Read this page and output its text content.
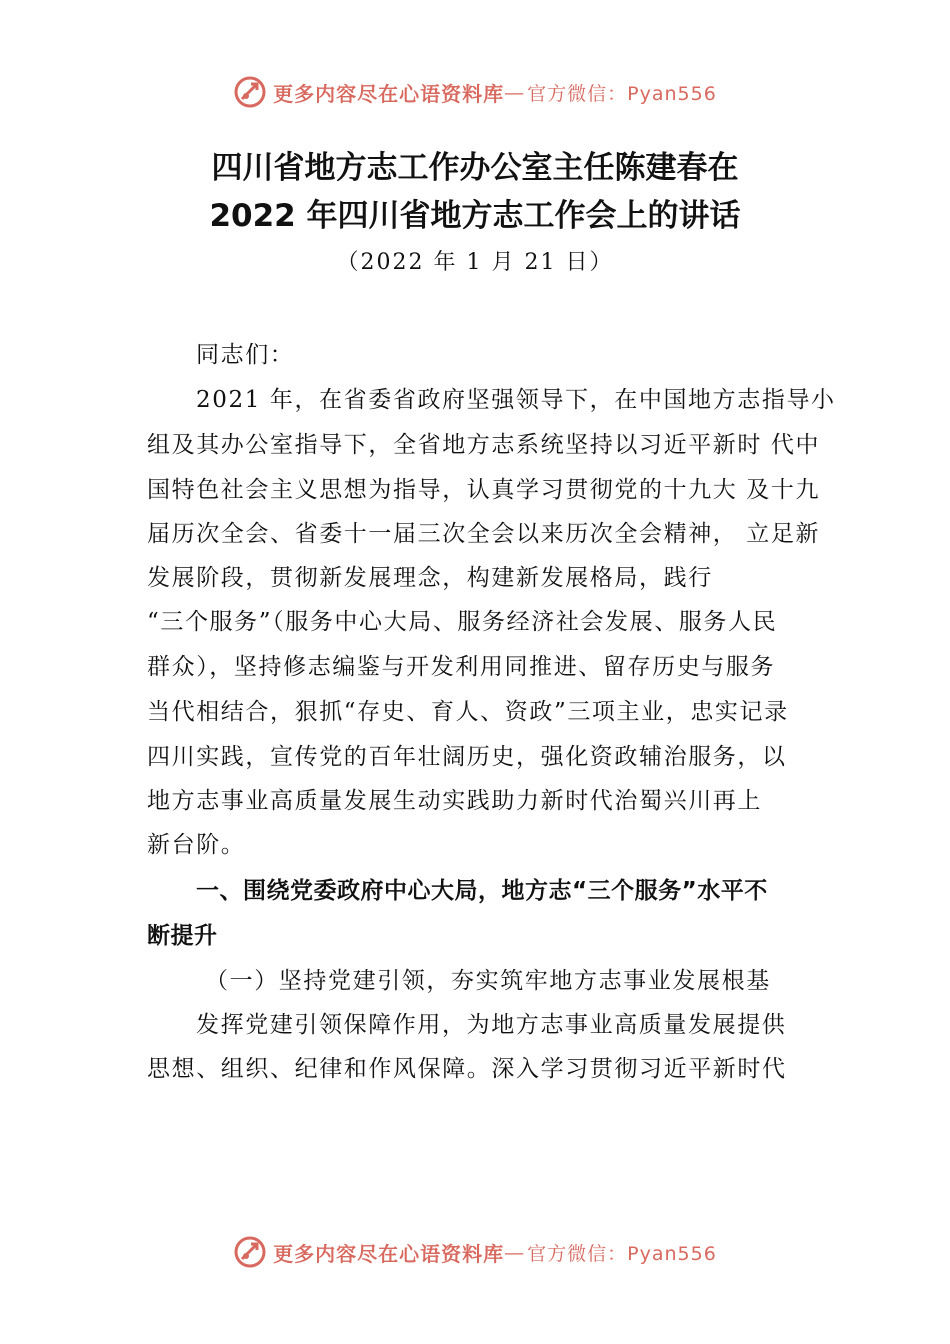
更多内容尽在心语资料库 — 官方微信：Pyan556
四川省地方志工作办公室主任陈建春在
2022 年四川省地方志工作会上的讲话
（2022 年 1 月 21 日）
同志们：
2021 年，在省委省政府坚强领导下，在中国地方志指导小
组及其办公室指导下，全省地方志系统坚持以习近平新时 代中
国特色社会主义思想为指导，认真学习贯彻党的十九大 及十九
届历次全会、省委十一届三次全会以来历次全会精神， 立足新
发展阶段，贯彻新发展理念，构建新发展格局，践行
“三个服务”（服务中心大局、服务经济社会发展、服务人民
群众），坚持修志编鉴与开发利用同推进、留存历史与服务
当代相结合，狠抓“存史、育人、资政”三项主业，忠实记录
四川实践，宣传党的百年壮阔历史，强化资政辅治服务，以
地方志事业高质量发展生动实践助力新时代治蜀兴川再上
新台阶。
一、围绕党委政府中心大局，地方志“三个服务”水平不
断提升
（一）坚持党建引领，夯实筑牢地方志事业发展根基
发挥党建引领保障作用，为地方志事业高质量发展提供
思想、组织、纪律和作风保障。深入学习贯彻习近平新时代
更多内容尽在心语资料库 — 官方微信：Pyan556
